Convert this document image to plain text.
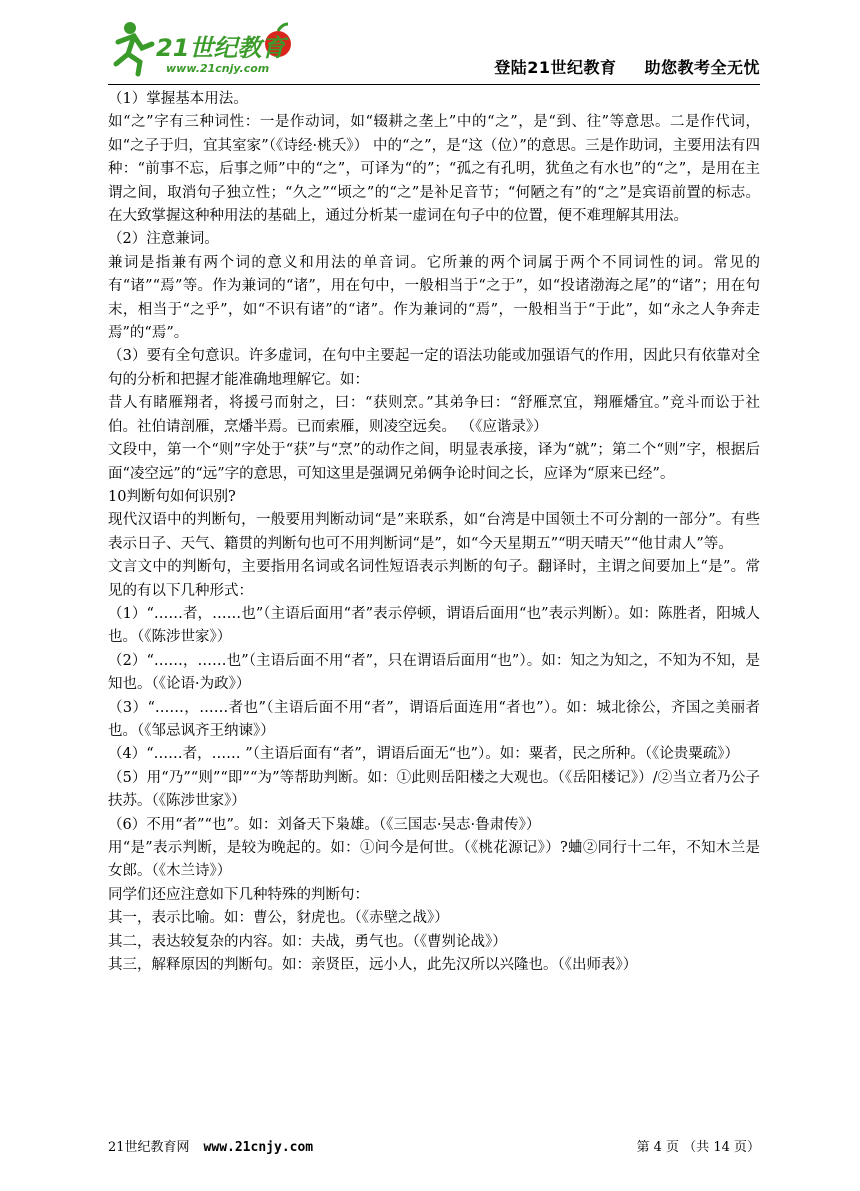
21世纪教育
www.21cnjy.com	登陆21世纪教育 助您教考全无忧

（1）掌握基本用法。

如“之”字有三种词性：一是作动词，如“辍耕之垄上”中的“之”，是“到、往”等意思。二是作代词， 如“之子于归，宜其室家”（《诗经·桃夭》） 中的“之”，是“这（位）”的意思。三是作助词，主要用法有四种：“前事不忘，后事之师”中的“之”，可译为“的”；“孤之有孔明，犹鱼之有水也”的“之”，是用在主谓之间，取消句子独立性；“久之”“顷之”的“之”是补足音节；“何陋之有”的“之”是宾语前置的标志。在大致掌握这种种用法的基础上，通过分析某一虚词在句子中的位置，便不难理解其用法。

（2）注意兼词。

兼词是指兼有两个词的意义和用法的单音词。它所兼的两个词属于两个不同词性的词。常见的有“诸”“焉”等。作为兼词的“诸”，用在句中，一般相当于“之于”，如“投诸渤海之尾”的“诸”；用在句末，相当于“之乎”，如“不识有诸”的“诸”。作为兼词的“焉”，一般相当于“于此”，如“永之人争奔走焉”的“焉”。

（3）要有全句意识。许多虚词，在句中主要起一定的语法功能或加强语气的作用，因此只有依靠对全句的分析和把握才能准确地理解它。如：

昔人有睹雁翔者，将援弓而射之，曰：“获则烹。”其弟争曰：“舒雁烹宜，翔雁燔宜。”竞斗而讼于社伯。社伯请剖雁，烹燔半焉。已而索雁，则凌空远矣。 （《应谐录》）

文段中，第一个“则”字处于“获”与“烹”的动作之间，明显表承接，译为“就”；第二个“则”字，根据后面“凌空远”的“远”字的意思，可知这里是强调兄弟俩争论时间之长，应译为“原来已经”。

10判断句如何识别?

现代汉语中的判断句，一般要用判断动词“是”来联系，如“台湾是中国领土不可分割的一部分”。有些表示日子、天气、籍贯的判断句也可不用判断词“是”，如“今天星期五”“明天晴天”“他甘肃人”等。

文言文中的判断句，主要指用名词或名词性短语表示判断的句子。翻译时，主谓之间要加上“是”。常见的有以下几种形式：

（1）“……者，……也”（主语后面用“者”表示停顿，谓语后面用“也”表示判断）。如：陈胜者，阳城人也。（《陈涉世家》）

（2）“……，……也”（主语后面不用“者”，只在谓语后面用“也”）。如：知之为知之，不知为不知，是知也。（《论语·为政》）

（3）“……，……者也”（主语后面不用“者”，谓语后面连用“者也”）。如：城北徐公，齐国之美丽者也。（《邹忌讽齐王纳谏》）

（4）“……者，…… ”（主语后面有“者”，谓语后面无“也”）。如：粟者，民之所种。（《论贵粟疏》）

（5）用“乃”“则”“即”“为”等帮助判断。如：①此则岳阳楼之大观也。（《岳阳楼记》）/②当立者乃公子扶苏。（《陈涉世家》）

（6）不用“者”“也”。如：刘备天下枭雄。（《三国志·吴志·鲁肃传》）

用“是”表示判断，是较为晚起的。如：①问今是何世。（《桃花源记》）?蛐②同行十二年，不知木兰是女郎。（《木兰诗》）

同学们还应注意如下几种特殊的判断句：

其一，表示比喻。如：曹公，豺虎也。（《赤壁之战》）

其二，表达较复杂的内容。如：夫战，勇气也。（《曹刿论战》）

其三，解释原因的判断句。如：亲贤臣，远小人，此先汉所以兴隆也。（《出师表》）

21世纪教育网 www.21cnjy.com	第 4 页 （共 14 页）
